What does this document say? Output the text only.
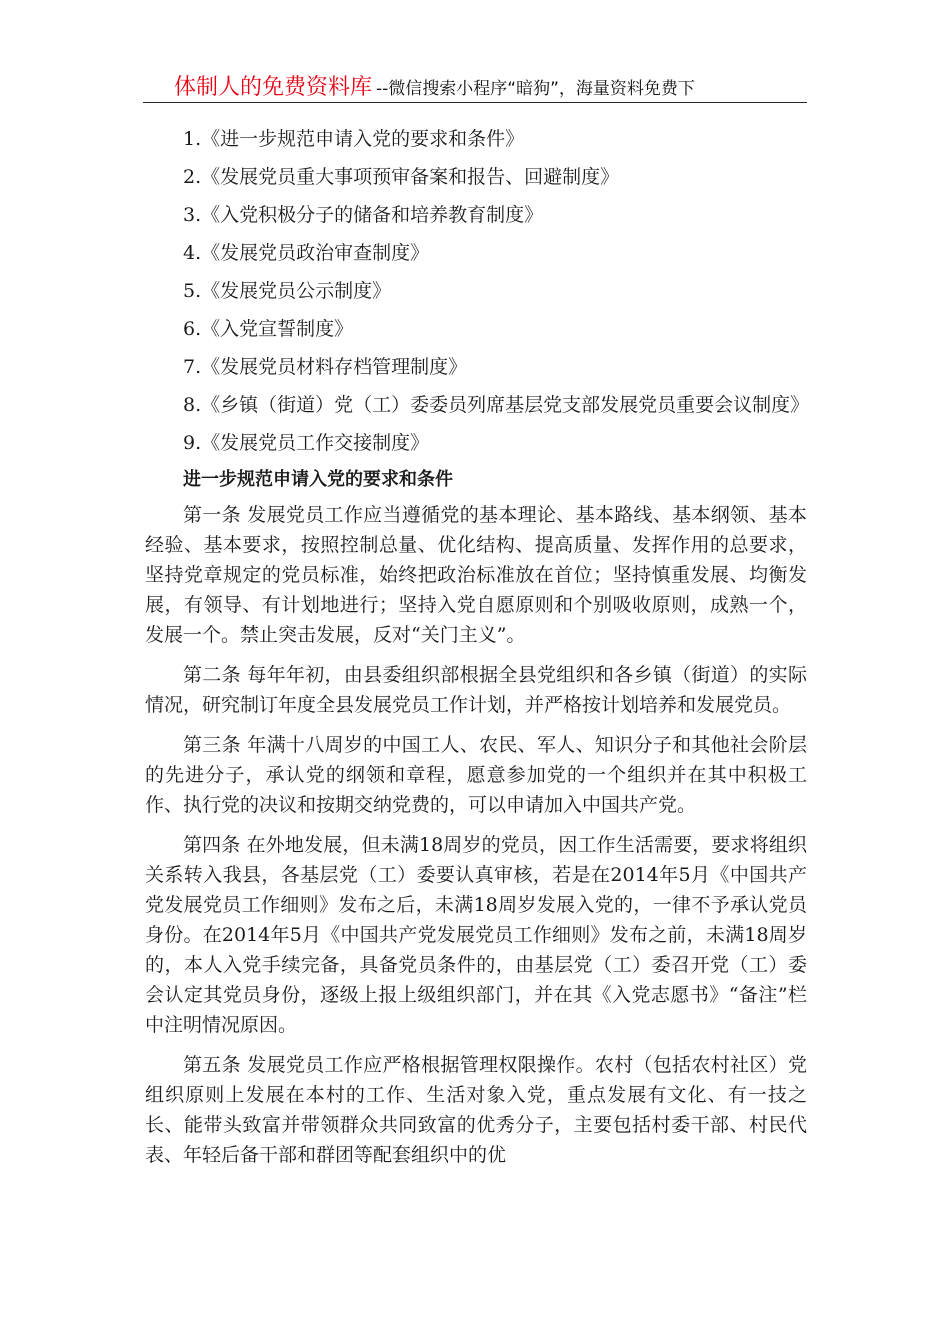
体制人的免费资料库 --微信搜索小程序“暗狗”，海量资料免费下

1.《进一步规范申请入党的要求和条件》

2.《发展党员重大事项预审备案和报告、回避制度》

3.《入党积极分子的储备和培养教育制度》

4.《发展党员政治审查制度》

5.《发展党员公示制度》

6.《入党宣誓制度》

7.《发展党员材料存档管理制度》

8.《乡镇（街道）党（工）委委员列席基层党支部发展党员重要会议制度》

9.《发展党员工作交接制度》

进一步规范申请入党的要求和条件

第一条 发展党员工作应当遵循党的基本理论、基本路线、基本纲领、基本经验、基本要求，按照控制总量、优化结构、提高质量、发挥作用的总要求，坚持党章规定的党员标准，始终把政治标准放在首位；坚持慎重发展、均衡发展，有领导、有计划地进行；坚持入党自愿原则和个别吸收原则，成熟一个，发展一个。禁止突击发展，反对“关门主义”。

第二条 每年年初，由县委组织部根据全县党组织和各乡镇（街道）的实际情况，研究制订年度全县发展党员工作计划，并严格按计划培养和发展党员。

第三条 年满十八周岁的中国工人、农民、军人、知识分子和其他社会阶层的先进分子，承认党的纲领和章程，愿意参加党的一个组织并在其中积极工作、执行党的决议和按期交纳党费的，可以申请加入中国共产党。

第四条 在外地发展，但未满18周岁的党员，因工作生活需要，要求将组织关系转入我县，各基层党（工）委要认真审核，若是在2014年5月《中国共产党发展党员工作细则》发布之后，未满18周岁发展入党的，一律不予承认党员身份。在2014年5月《中国共产党发展党员工作细则》发布之前，未满18周岁的，本人入党手续完备，具备党员条件的，由基层党（工）委召开党（工）委会认定其党员身份，逐级上报上级组织部门，并在其《入党志愿书》“备注”栏中注明情况原因。

第五条 发展党员工作应严格根据管理权限操作。农村（包括农村社区）党组织原则上发展在本村的工作、生活对象入党，重点发展有文化、有一技之长、能带头致富并带领群众共同致富的优秀分子，主要包括村委干部、村民代表、年轻后备干部和群团等配套组织中的优
